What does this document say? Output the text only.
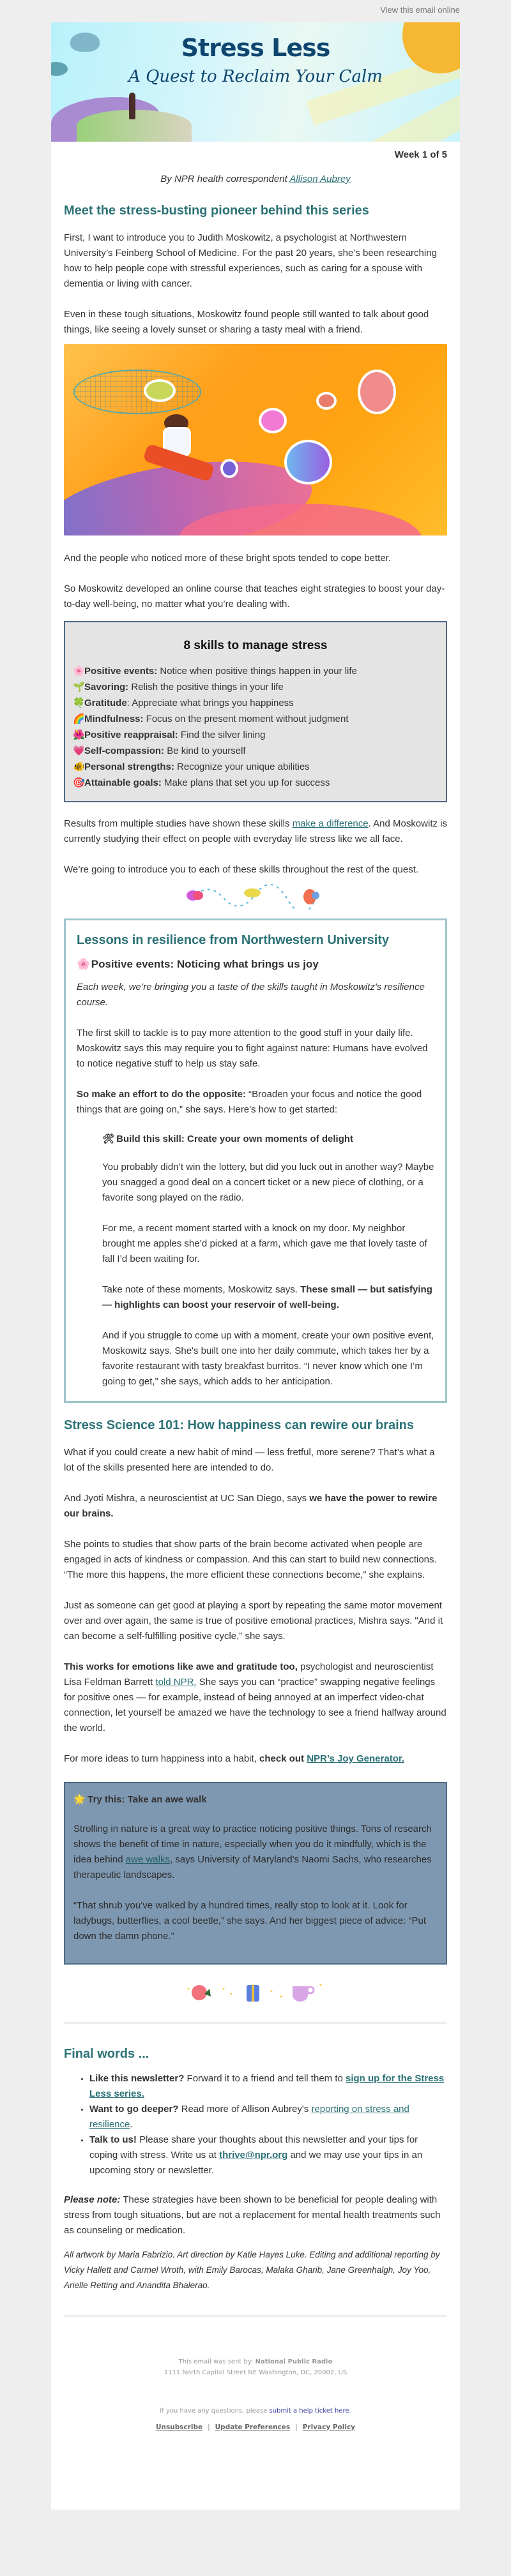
View this email online
Stress Less
A Quest to Reclaim Your Calm
Week 1 of 5
By NPR health correspondent Allison Aubrey
Meet the stress-busting pioneer behind this series

First, I want to introduce you to Judith Moskowitz, a psychologist at Northwestern University’s Feinberg School of Medicine. For the past 20 years, she’s been researching how to help people cope with stressful experiences, such as caring for a spouse with dementia or living with cancer.

Even in these tough situations, Moskowitz found people still wanted to talk about good things, like seeing a lovely sunset or sharing a tasty meal with a friend.

And the people who noticed more of these bright spots tended to cope better.

So Moskowitz developed an online course that teaches eight strategies to boost your day-to-day well-being, no matter what you’re dealing with.

8 skills to manage stress
🌸Positive events: Notice when positive things happen in your life
🌱Savoring: Relish the positive things in your life
🍀Gratitude: Appreciate what brings you happiness
🌈Mindfulness: Focus on the present moment without judgment
🌺Positive reappraisal: Find the silver lining
💗Self-compassion: Be kind to yourself
🐠Personal strengths: Recognize your unique abilities
🎯Attainable goals: Make plans that set you up for success

Results from multiple studies have shown these skills make a difference. And Moskowitz is currently studying their effect on people with everyday life stress like we all face.

We’re going to introduce you to each of these skills throughout the rest of the quest.

Lessons in resilience from Northwestern University
🌸 Positive events: Noticing what brings us joy

Each week, we’re bringing you a taste of the skills taught in Moskowitz's resilience course.

The first skill to tackle is to pay more attention to the good stuff in your daily life. Moskowitz says this may require you to fight against nature: Humans have evolved to notice negative stuff to help us stay safe.

So make an effort to do the opposite: “Broaden your focus and notice the good things that are going on,” she says. Here's how to get started:

🛠 Build this skill: Create your own moments of delight

You probably didn’t win the lottery, but did you luck out in another way? Maybe you snagged a good deal on a concert ticket or a new piece of clothing, or a favorite song played on the radio.

For me, a recent moment started with a knock on my door. My neighbor brought me apples she’d picked at a farm, which gave me that lovely taste of fall I’d been waiting for.

Take note of these moments, Moskowitz says. These small — but satisfying — highlights can boost your reservoir of well-being.

And if you struggle to come up with a moment, create your own positive event, Moskowitz says. She's built one into her daily commute, which takes her by a favorite restaurant with tasty breakfast burritos. “I never know which one I’m going to get,” she says, which adds to her anticipation.

Stress Science 101: How happiness can rewire our brains

What if you could create a new habit of mind — less fretful, more serene? That’s what a lot of the skills presented here are intended to do.

And Jyoti Mishra, a neuroscientist at UC San Diego, says we have the power to rewire our brains.

She points to studies that show parts of the brain become activated when people are engaged in acts of kindness or compassion. And this can start to build new connections. “The more this happens, the more efficient these connections become,” she explains.

Just as someone can get good at playing a sport by repeating the same motor movement over and over again, the same is true of positive emotional practices, Mishra says. "And it can become a self-fulfilling positive cycle,” she says.

This works for emotions like awe and gratitude too, psychologist and neuroscientist Lisa Feldman Barrett told NPR. She says you can “practice” swapping negative feelings for positive ones — for example, instead of being annoyed at an imperfect video-chat connection, let yourself be amazed we have the technology to see a friend halfway around the world.

For more ideas to turn happiness into a habit, check out NPR’s Joy Generator.

🌟 Try this: Take an awe walk

Strolling in nature is a great way to practice noticing positive things. Tons of research shows the benefit of time in nature, especially when you do it mindfully, which is the idea behind awe walks, says University of Maryland's Naomi Sachs, who researches therapeutic landscapes.

“That shrub you’ve walked by a hundred times, really stop to look at it. Look for ladybugs, butterflies, a cool beetle,” she says. And her biggest piece of advice: “Put down the damn phone.”

Final words ...
• Like this newsletter? Forward it to a friend and tell them to sign up for the Stress Less series.
• Want to go deeper? Read more of Allison Aubrey's reporting on stress and resilience.
• Talk to us! Please share your thoughts about this newsletter and your tips for coping with stress. Write us at thrive@npr.org and we may use your tips in an upcoming story or newsletter.

Please note: These strategies have been shown to be beneficial for people dealing with stress from tough situations, but are not a replacement for mental health treatments such as counseling or medication.

All artwork by Maria Fabrizio. Art direction by Katie Hayes Luke. Editing and additional reporting by Vicky Hallett and Carmel Wroth, with Emily Barocas, Malaka Gharib, Jane Greenhalgh, Joy Yoo, Arielle Retting and Anandita Bhalerao.
This email was sent by: National Public Radio
1111 North Capitol Street NE Washington, DC, 20002, US
If you have any questions, please submit a help ticket here.
Unsubscribe | Update Preferences | Privacy Policy
